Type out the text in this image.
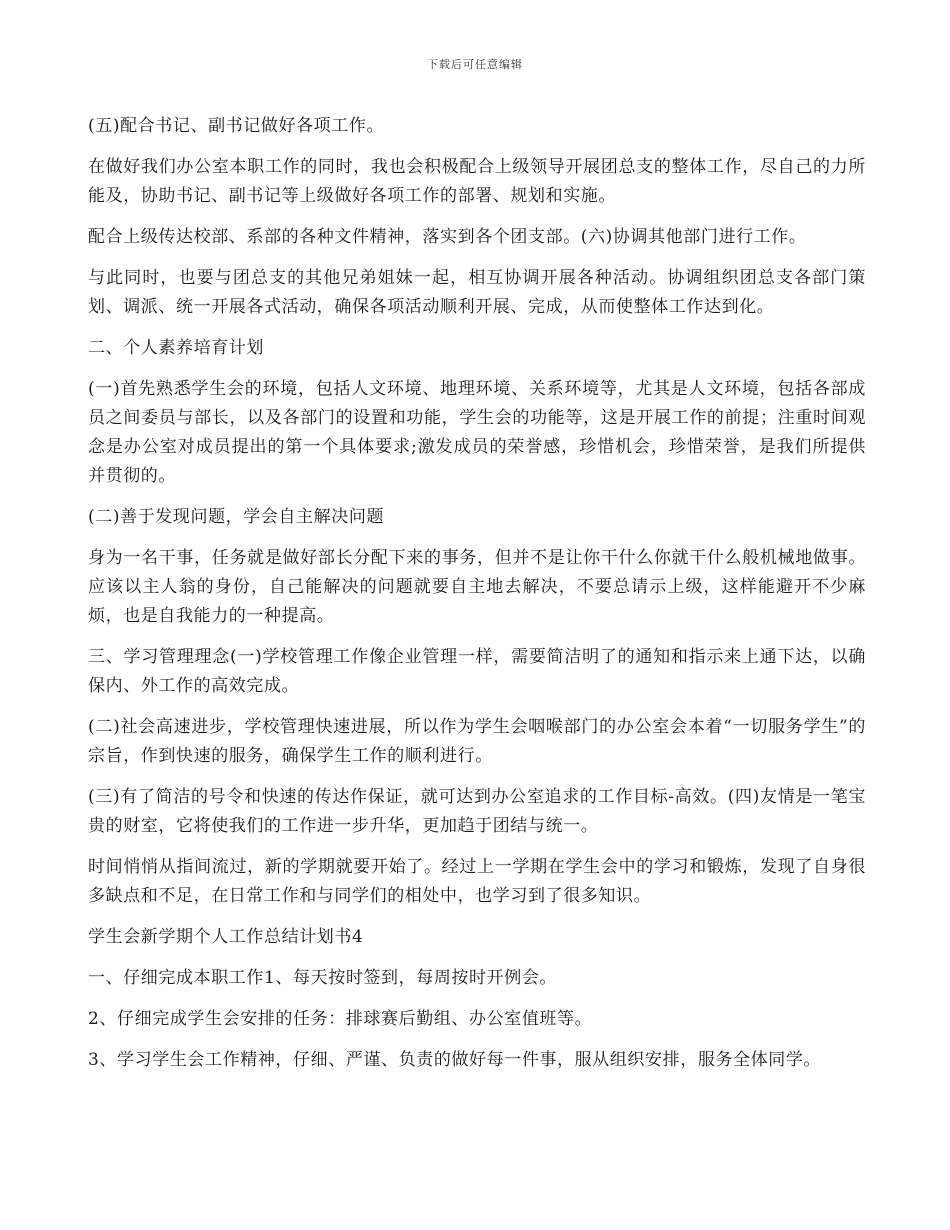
下载后可任意编辑

(五)配合书记、副书记做好各项工作。

在做好我们办公室本职工作的同时，我也会积极配合上级领导开展团总支的整体工作，尽自己的力所能及，协助书记、副书记等上级做好各项工作的部署、规划和实施。

配合上级传达校部、系部的各种文件精神，落实到各个团支部。(六)协调其他部门进行工作。

与此同时，也要与团总支的其他兄弟姐妹一起，相互协调开展各种活动。协调组织团总支各部门策划、调派、统一开展各式活动，确保各项活动顺利开展、完成，从而使整体工作达到化。

二、个人素养培育计划

(一)首先熟悉学生会的环境，包括人文环境、地理环境、关系环境等，尤其是人文环境，包括各部成员之间委员与部长，以及各部门的设置和功能，学生会的功能等，这是开展工作的前提；注重时间观念是办公室对成员提出的第一个具体要求;激发成员的荣誉感，珍惜机会，珍惜荣誉，是我们所提供并贯彻的。

(二)善于发现问题，学会自主解决问题

身为一名干事，任务就是做好部长分配下来的事务，但并不是让你干什么你就干什么般机械地做事。应该以主人翁的身份，自己能解决的问题就要自主地去解决，不要总请示上级，这样能避开不少麻烦，也是自我能力的一种提高。

三、学习管理理念(一)学校管理工作像企业管理一样，需要简洁明了的通知和指示来上通下达，以确保内、外工作的高效完成。

(二)社会高速进步，学校管理快速进展，所以作为学生会咽喉部门的办公室会本着“一切服务学生”的宗旨，作到快速的服务，确保学生工作的顺利进行。

(三)有了简洁的号令和快速的传达作保证，就可达到办公室追求的工作目标-高效。(四)友情是一笔宝贵的财室，它将使我们的工作进一步升华，更加趋于团结与统一。

时间悄悄从指间流过，新的学期就要开始了。经过上一学期在学生会中的学习和锻炼，发现了自身很多缺点和不足，在日常工作和与同学们的相处中，也学习到了很多知识。

学生会新学期个人工作总结计划书4

一、仔细完成本职工作1、每天按时签到，每周按时开例会。

2、仔细完成学生会安排的任务：排球赛后勤组、办公室值班等。

3、学习学生会工作精神，仔细、严谨、负责的做好每一件事，服从组织安排，服务全体同学。
